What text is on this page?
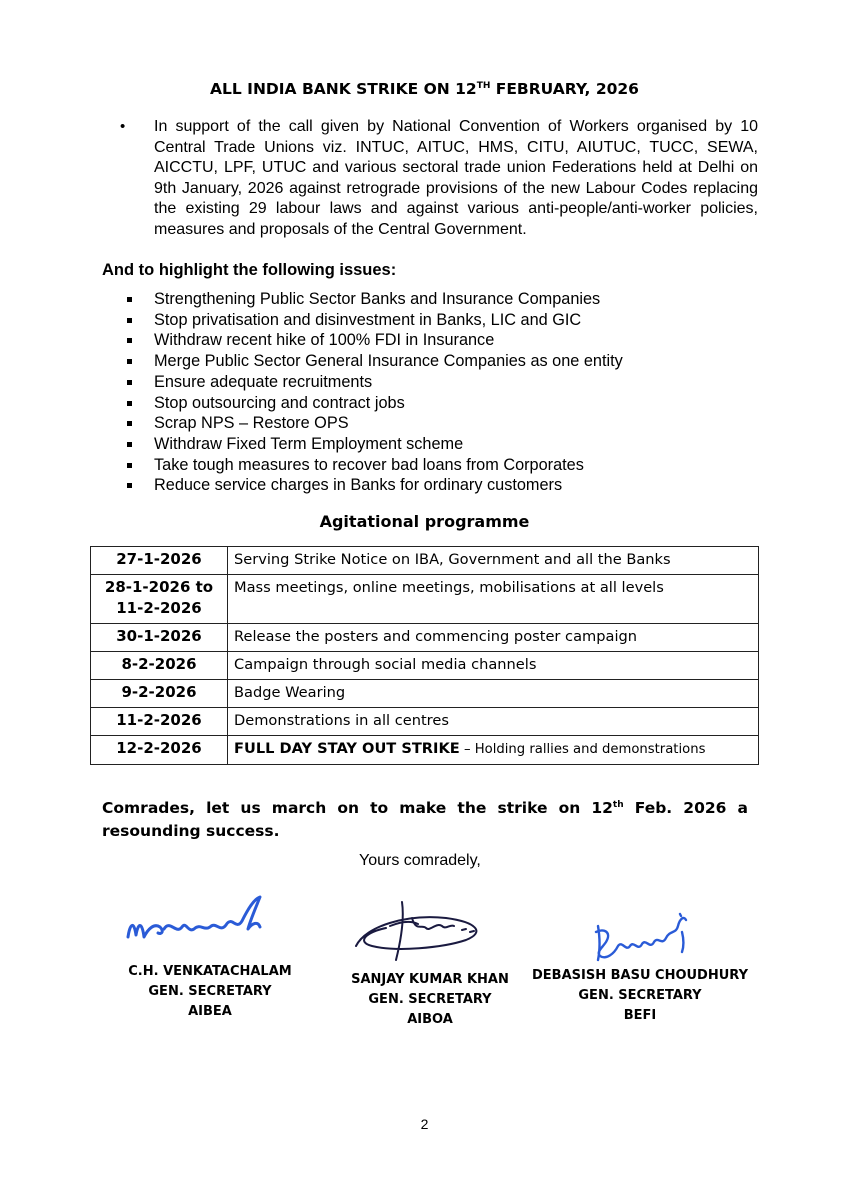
ALL INDIA BANK STRIKE ON 12TH FEBRUARY, 2026
•	In support of the call given by National Convention of Workers organised by 10 Central Trade Unions viz. INTUC, AITUC, HMS, CITU, AIUTUC, TUCC, SEWA, AICCTU, LPF, UTUC and various sectoral trade union Federations held at Delhi on 9th January, 2026 against retrograde provisions of the new Labour Codes replacing the existing 29 labour laws and against various anti-people/anti-worker policies, measures and proposals of the Central Government.
And to highlight the following issues:
Strengthening Public Sector Banks and Insurance Companies
Stop privatisation and disinvestment in Banks, LIC and GIC
Withdraw recent hike of 100% FDI in Insurance
Merge Public Sector General Insurance Companies as one entity
Ensure adequate recruitments
Stop outsourcing and contract jobs
Scrap NPS – Restore OPS
Withdraw Fixed Term Employment scheme
Take tough measures to recover bad loans from Corporates
Reduce service charges in Banks for ordinary customers
Agitational programme
27-1-2026	Serving Strike Notice on IBA, Government and all the Banks
28-1-2026 to 11-2-2026	Mass meetings, online meetings, mobilisations at all levels
30-1-2026	Release the posters and commencing poster campaign
8-2-2026	Campaign through social media channels
9-2-2026	Badge Wearing
11-2-2026	Demonstrations in all centres
12-2-2026	FULL DAY STAY OUT STRIKE – Holding rallies and demonstrations
Comrades, let us march on to make the strike on 12th Feb. 2026 a resounding success.
Yours comradely,
C.H. VENKATACHALAM
GEN. SECRETARY
AIBEA
SANJAY KUMAR KHAN
GEN. SECRETARY
AIBOA
DEBASISH BASU CHOUDHURY
GEN. SECRETARY
BEFI
2
